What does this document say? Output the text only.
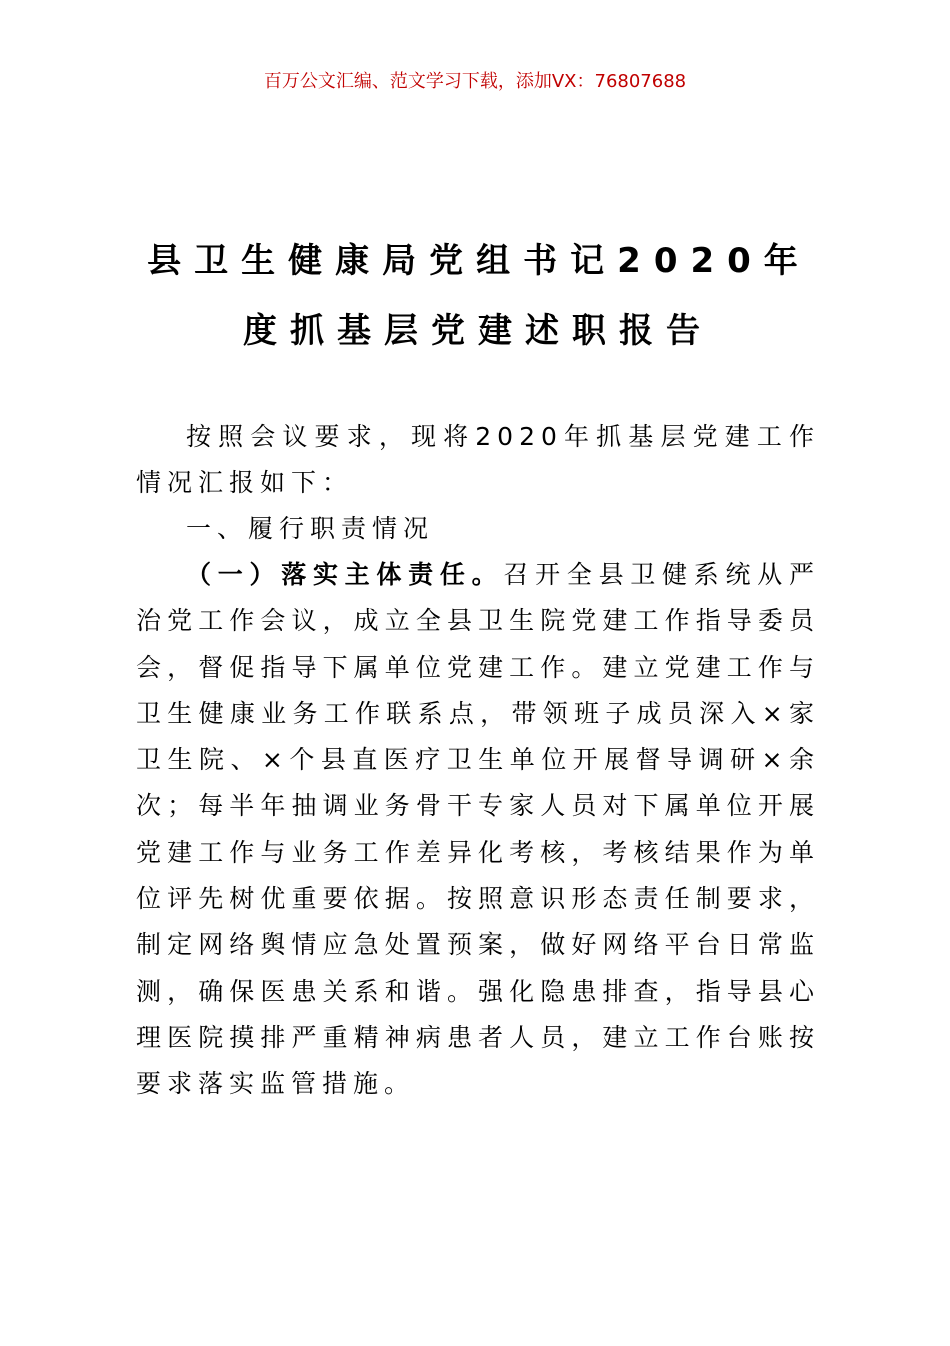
百万公文汇编、范文学习下载，添加VX：76807688
县卫生健康局党组书记2020年
度抓基层党建述职报告
按照会议要求，现将2020年抓基层党建工作情况汇报如下：
一、履行职责情况
（一）落实主体责任。召开全县卫健系统从严治党工作会议，成立全县卫生院党建工作指导委员会，督促指导下属单位党建工作。建立党建工作与卫生健康业务工作联系点，带领班子成员深入×家卫生院、×个县直医疗卫生单位开展督导调研×余次；每半年抽调业务骨干专家人员对下属单位开展党建工作与业务工作差异化考核，考核结果作为单位评先树优重要依据。按照意识形态责任制要求，制定网络舆情应急处置预案，做好网络平台日常监测，确保医患关系和谐。强化隐患排查，指导县心理医院摸排严重精神病患者人员，建立工作台账按要求落实监管措施。
